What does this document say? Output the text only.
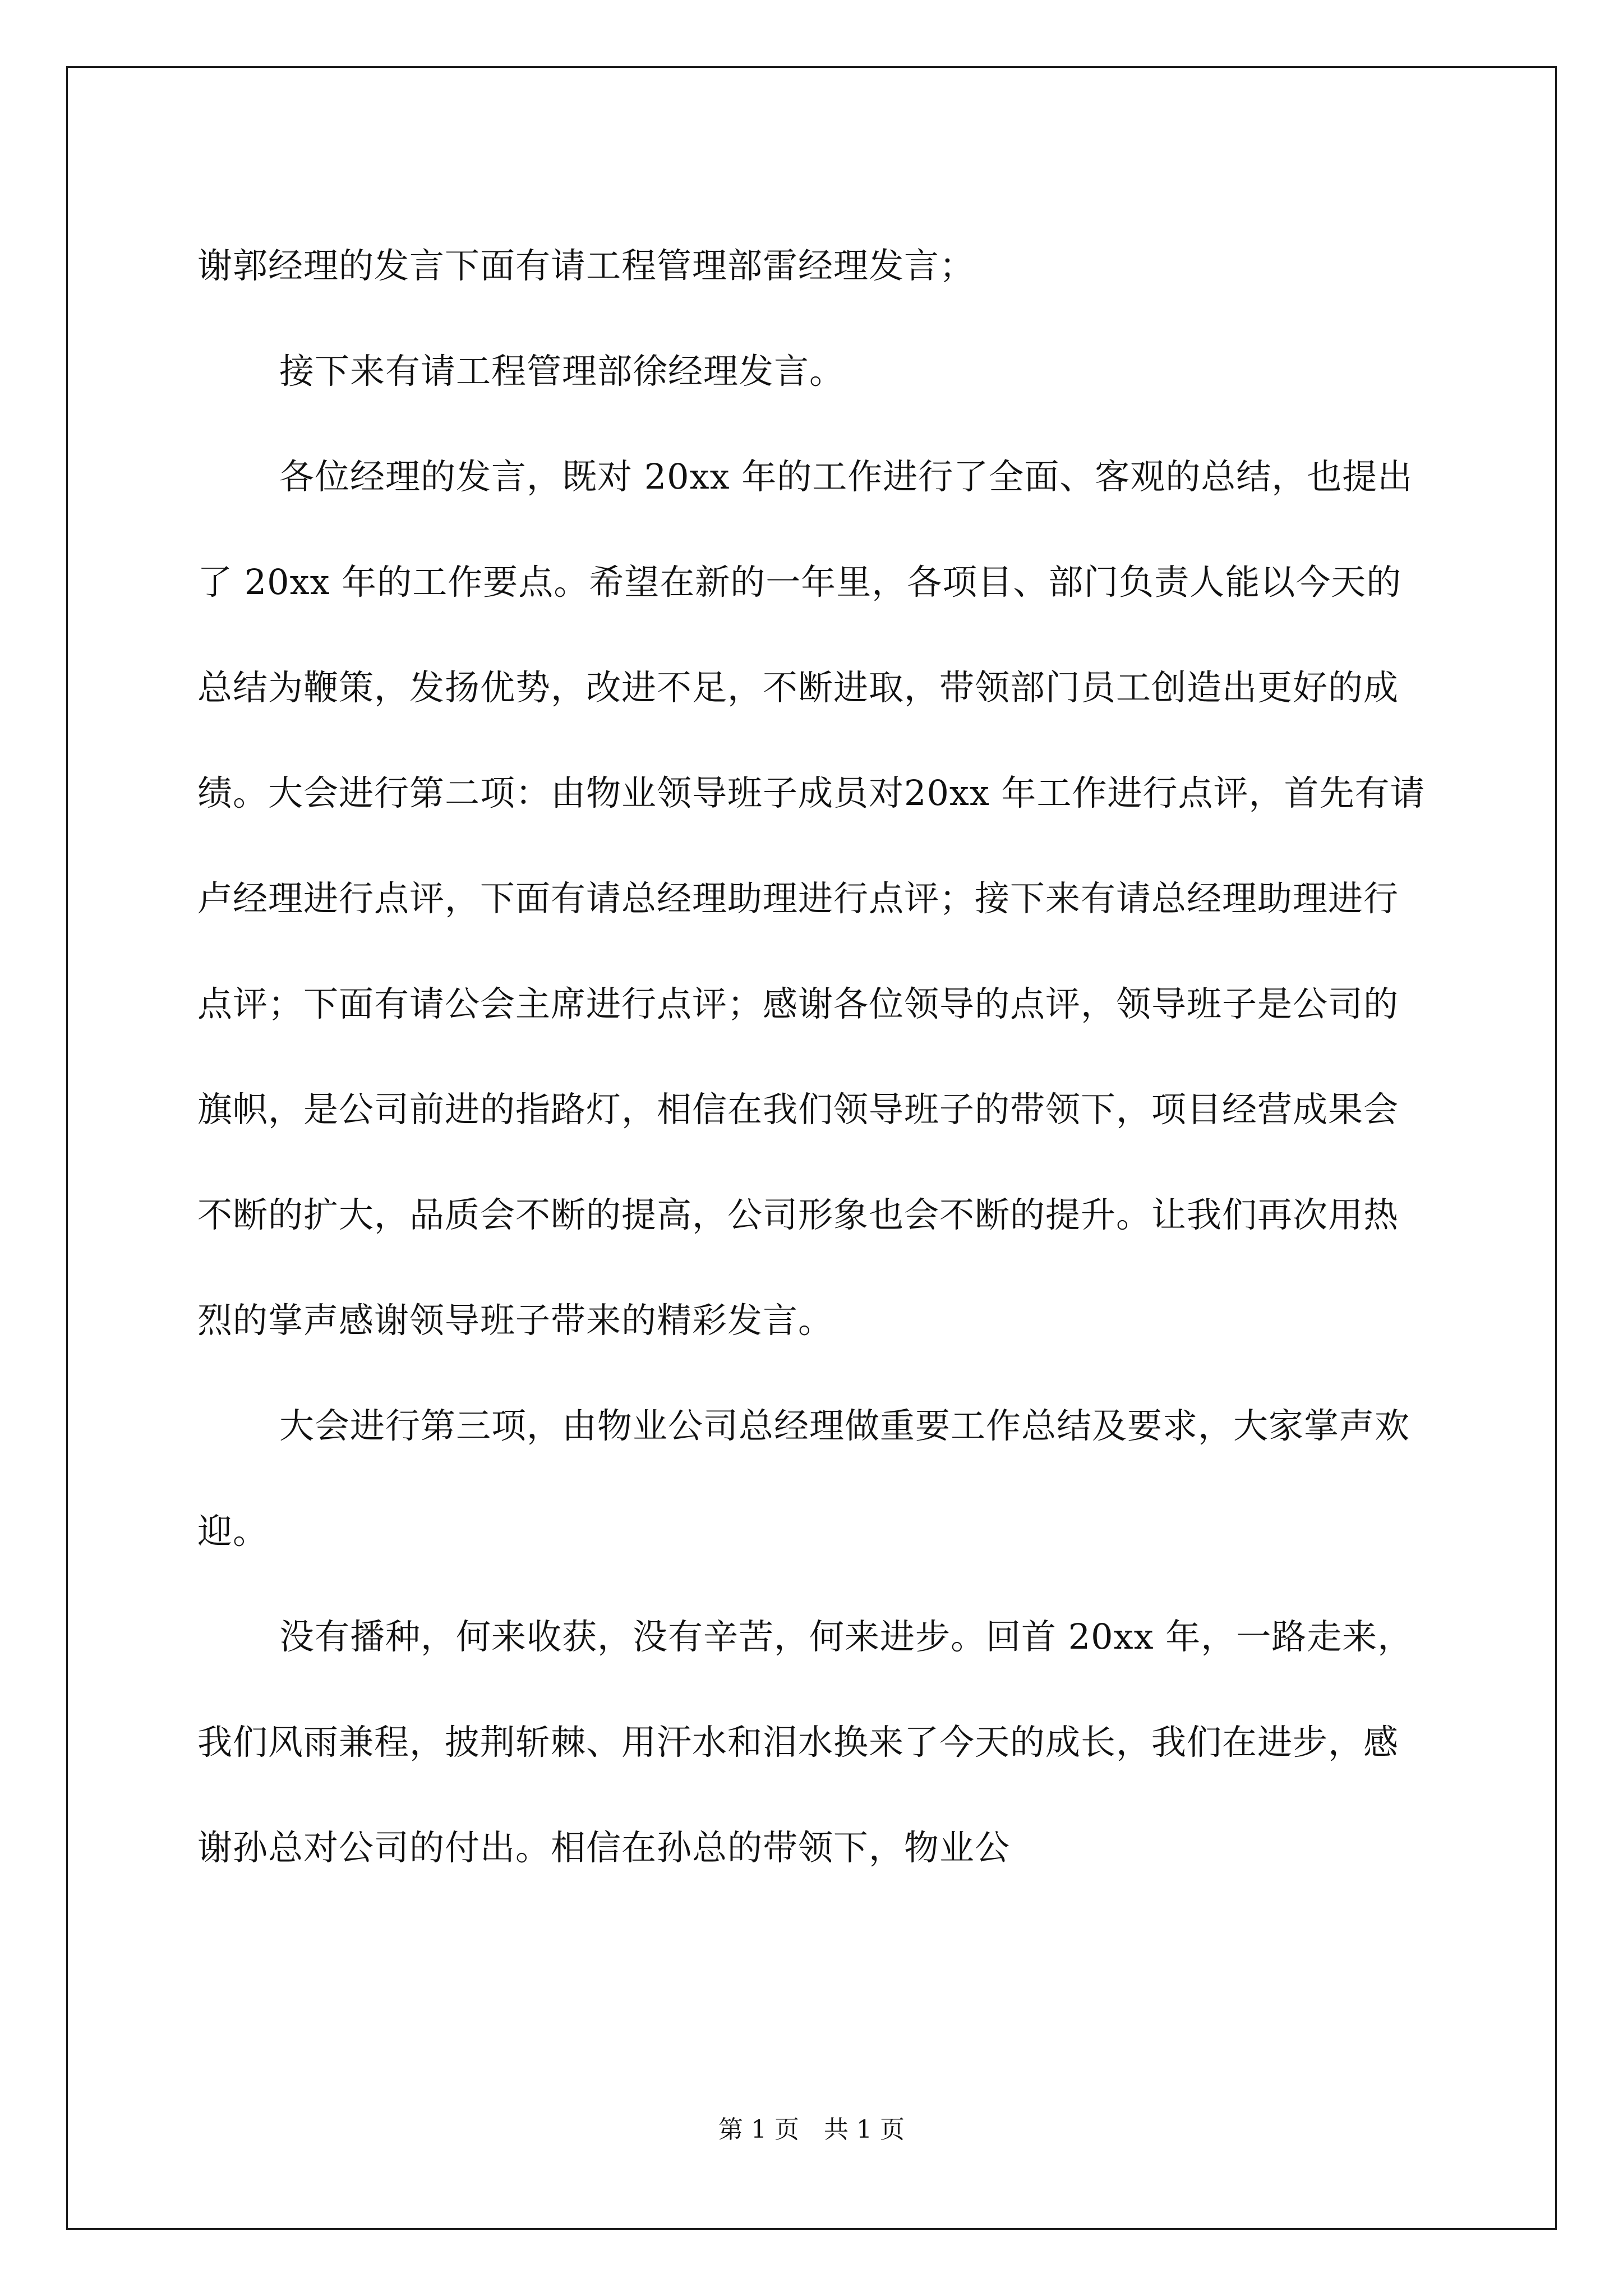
谢郭经理的发言下面有请工程管理部雷经理发言；

接下来有请工程管理部徐经理发言。

各位经理的发言，既对 20xx 年的工作进行了全面、客观的总结，也提出了 20xx 年的工作要点。希望在新的一年里，各项目、部门负责人能以今天的总结为鞭策，发扬优势，改进不足，不断进取，带领部门员工创造出更好的成绩。大会进行第二项：由物业领导班子成员对20xx 年工作进行点评，首先有请卢经理进行点评，下面有请总经理助理进行点评；接下来有请总经理助理进行点评；下面有请公会主席进行点评；感谢各位领导的点评，领导班子是公司的旗帜，是公司前进的指路灯，相信在我们领导班子的带领下，项目经营成果会不断的扩大，品质会不断的提高，公司形象也会不断的提升。让我们再次用热烈的掌声感谢领导班子带来的精彩发言。

大会进行第三项，由物业公司总经理做重要工作总结及要求，大家掌声欢迎。

没有播种，何来收获，没有辛苦，何来进步。回首 20xx 年，一路走来，我们风雨兼程，披荆斩棘、用汗水和泪水换来了今天的成长，我们在进步，感谢孙总对公司的付出。相信在孙总的带领下，物业公

第 1 页　共 1 页
